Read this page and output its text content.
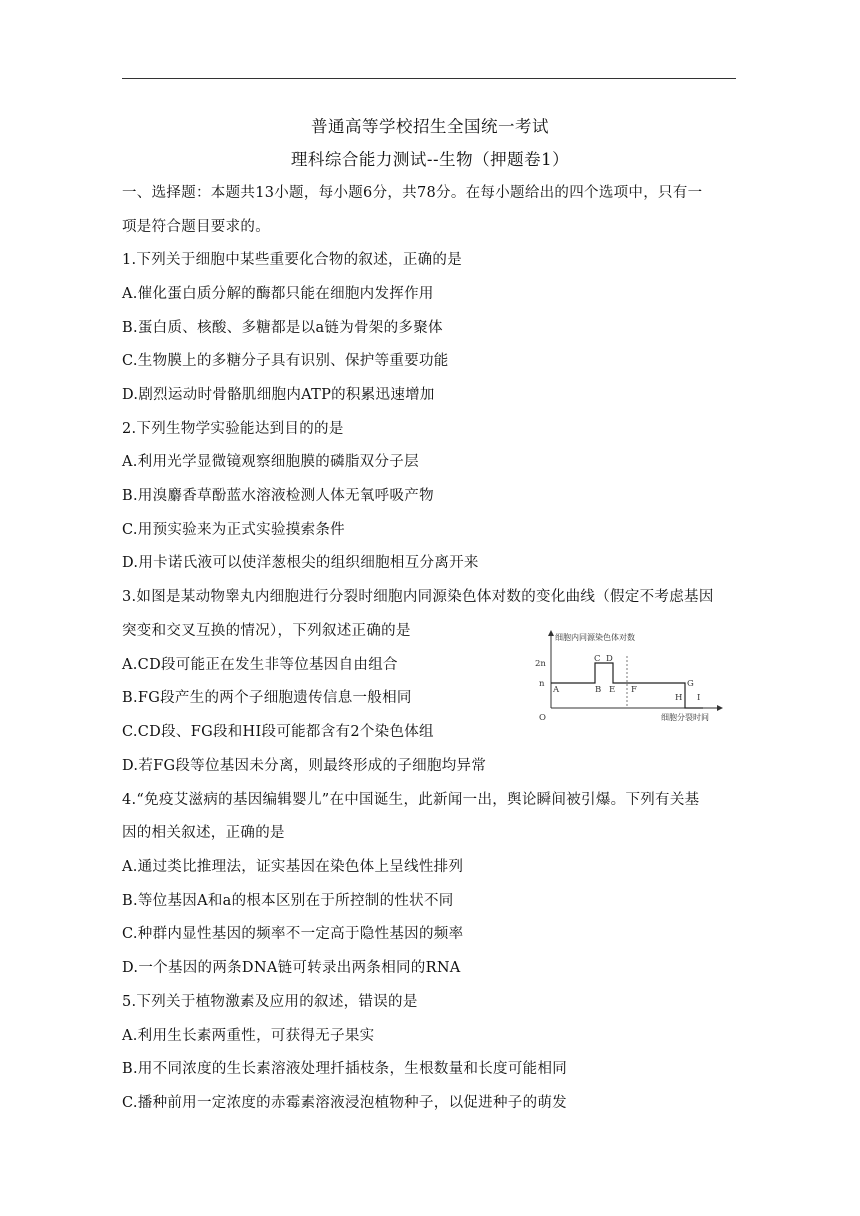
普通高等学校招生全国统一考试
理科综合能力测试--生物（押题卷1）
一、选择题：本题共13小题，每小题6分，共78分。在每小题给出的四个选项中，只有一
项是符合题目要求的。
1.下列关于细胞中某些重要化合物的叙述，正确的是
A.催化蛋白质分解的酶都只能在细胞内发挥作用
B.蛋白质、核酸、多糖都是以a链为骨架的多聚体
C.生物膜上的多糖分子具有识别、保护等重要功能
D.剧烈运动时骨骼肌细胞内ATP的积累迅速增加
2.下列生物学实验能达到目的的是
A.利用光学显微镜观察细胞膜的磷脂双分子层
B.用溴麝香草酚蓝水溶液检测人体无氧呼吸产物
C.用预实验来为正式实验摸索条件
D.用卡诺氏液可以使洋葱根尖的组织细胞相互分离开来
3.如图是某动物睾丸内细胞进行分裂时细胞内同源染色体对数的变化曲线（假定不考虑基因
突变和交叉互换的情况），下列叙述正确的是
A.CD段可能正在发生非等位基因自由组合
B.FG段产生的两个子细胞遗传信息一般相同
C.CD段、FG段和HI段可能都含有2个染色体组
D.若FG段等位基因未分离，则最终形成的子细胞均异常
细胞内同源染色体对数
细胞分裂时间
2n
n
O
A	B
C D
E F
G
H I
4.“免疫艾滋病的基因编辑婴儿”在中国诞生，此新闻一出，舆论瞬间被引爆。下列有关基
因的相关叙述，正确的是
A.通过类比推理法，证实基因在染色体上呈线性排列
B.等位基因A和a的根本区别在于所控制的性状不同
C.种群内显性基因的频率不一定高于隐性基因的频率
D.一个基因的两条DNA链可转录出两条相同的RNA
5.下列关于植物激素及应用的叙述，错误的是
A.利用生长素两重性，可获得无子果实
B.用不同浓度的生长素溶液处理扦插枝条，生根数量和长度可能相同
C.播种前用一定浓度的赤霉素溶液浸泡植物种子，以促进种子的萌发
